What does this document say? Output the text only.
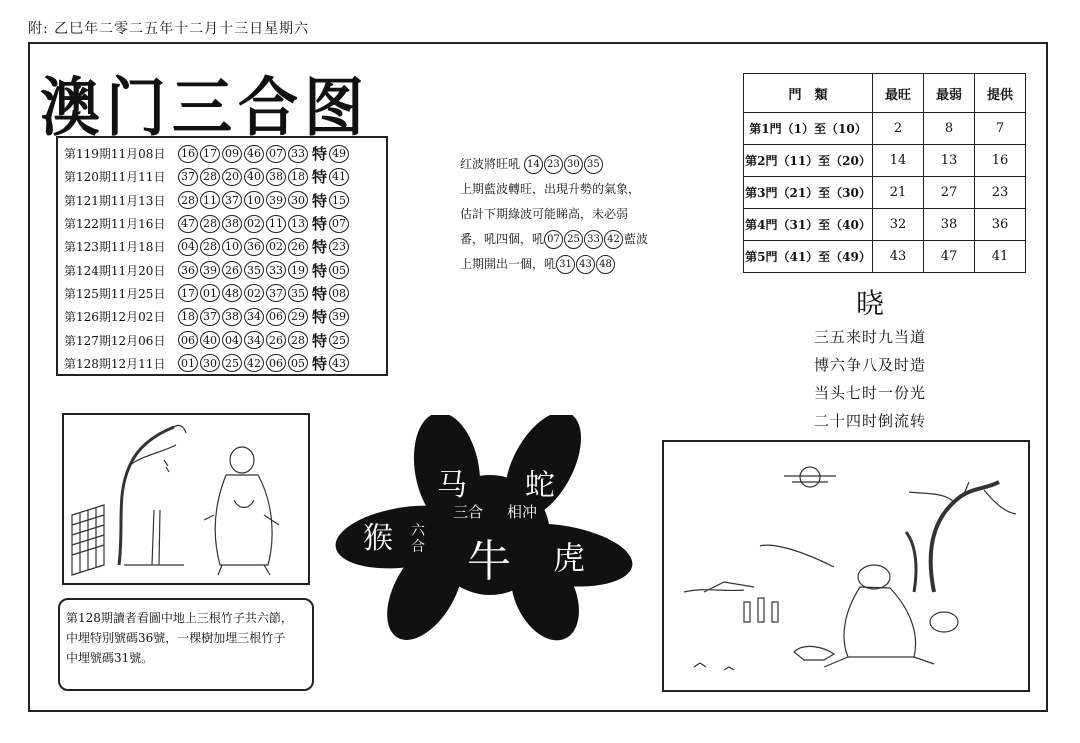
附: 乙巳年二零二五年十二月十三日星期六
澳门三合图
第119期11月08日	16 17 09 46 07 33 特 49
第120期11月11日	37 28 20 40 38 18 特 41
第121期11月13日	28 11 37 10 39 30 特 15
第122期11月16日	47 28 38 02 11 13 特 07
第123期11月18日	04 28 10 36 02 26 特 23
第124期11月20日	36 39 26 35 33 19 特 05
第125期11月25日	17 01 48 02 37 35 特 08
第126期12月02日	18 37 38 34 06 29 特 39
第127期12月06日	06 40 04 34 26 28 特 25
第128期12月11日	01 30 25 42 06 05 特 43
红波將旺吼 14 23 30 35
上期藍波轉旺，出現升勢的氣象，
估計下期綠波可能睇高，未必弱
番，吼四個，吼 07 25 33 42 藍波
上期開出一個，吼 31 43 48
門　類	最旺	最弱	提供
第1門（1）至（10）	2	8	7
第2門（11）至（20）	14	13	16
第3門（21）至（30）	21	27	23
第4門（31）至（40）	32	38	36
第5門（41）至（49）	43	47	41
晓
三五来时九当道
博六争八及时造
当头七时一份光
二十四时倒流转
第128期讀者看圖中地上三根竹子共六節，
中埋特別號碼36號，一棵樹加埋三根竹子
中埋號碼31號。
马 蛇
三合 相冲
猴 六合 牛 虎
